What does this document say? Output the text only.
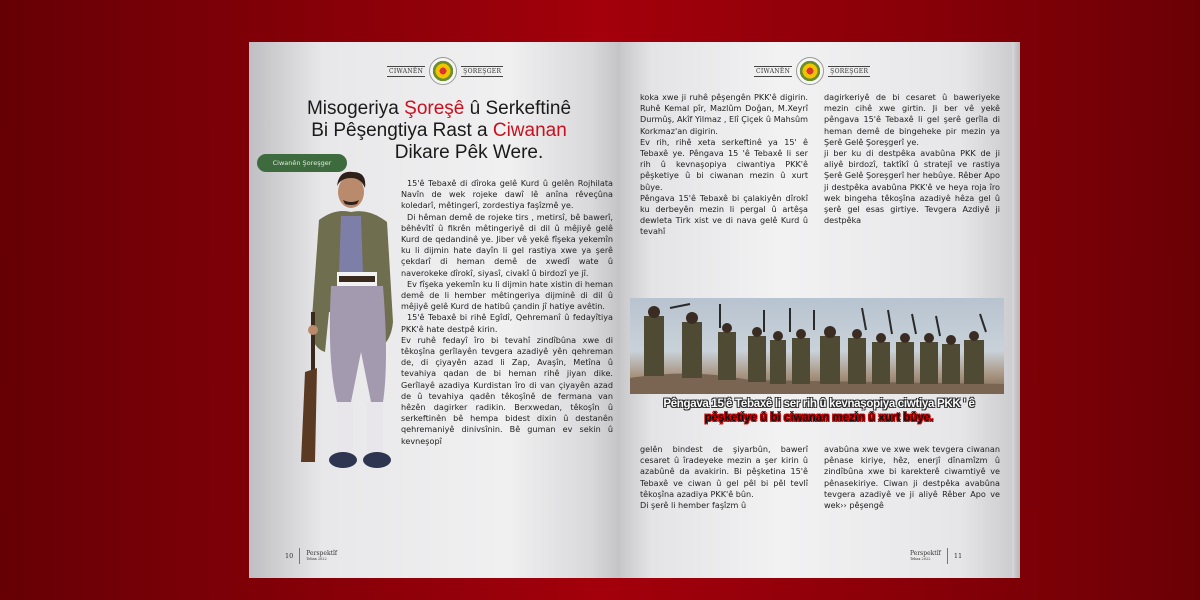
CIWANÊN	ŞOREŞGER
Misogeriya Şoreşê û Serkeftinê
Bi Pêşengtiya Rast a Ciwanan
Dikare Pêk Were.
Ciwanên Şoreşger

15'ê Tebaxê di dîroka gelê Kurd û gelên Rojhilata Navîn de wek rojeke dawî lê anîna rêveçûna koledarî, mêtingerî, zordestiya faşîzmê ye.

Di hêman demê de rojeke tirs , metirsî, bê bawerî, bêhêvîtî û fikrên mêtingeriyê di dil û mêjiyê gelê Kurd de qedandinê ye. Jiber vê yekê fîşeka yekemîn ku li dijmin hate dayîn li gel rastiya xwe ya şerê çekdarî di heman demê de xwedî wate û naverokeke dîrokî, siyasî, civakî û birdozî ye jî.

Ev fîşeka yekemîn ku li dijmin hate xistin di heman demê de li hember mêtingeriya dijminê di dil û mêjiyê gelê Kurd de hatibû çandin jî hatiye avêtin.

15'ê Tebaxê bi rihê Egîdî, Qehremanî û fedayîtiya PKK'ê hate destpê kirin.

Ev ruhê fedayî îro bi tevahî zindîbûna xwe di têkoşîna gerîlayên tevgera azadiyê yên qehreman de, di çiyayên azad li Zap, Avaşîn, Metîna û tevahiya qadan de bi heman rihê jiyan dike. Gerîlayê azadiya Kurdistan îro di van çiyayên azad de û tevahiya qadên têkoşînê de fermana van hêzên dagirker radikin. Berxwedan, têkoşîn û serkeftinên bê hempa bidest dixin û destanên qehremaniyê dinivsînin. Bê guman ev sekin û kevneşopî

10 Perspektîf
Tebax 2022
CIWANÊN	ŞOREŞGER

koka xwe ji ruhê pêşengên PKK'ê digirin. Ruhê Kemal pîr, Mazlûm Doğan, M.Xeyrî Durmûş, Akîf Yilmaz , Elî Çiçek û Mahsûm Korkmaz'an digirin.

Ev rih, rihê xeta serkeftinê ya 15' ê Tebaxê ye. Pêngava 15 'ê Tebaxê li ser rih û kevnaşopiya ciwantiya PKK'ê pêşketiye û bi ciwanan mezin û xurt bûye.

Pêngava 15'ê Tebaxê bi çalakiyên dîrokî ku derbeyên mezin li pergal û artêşa dewleta Tirk xist ve di nava gelê Kurd û tevahî

dagirkeriyê de bi cesaret û baweriyeke mezin cihê xwe girtin. Ji ber vê yekê pêngava 15'ê Tebaxê li gel şerê gerîla di heman demê de bingeheke pir mezin ya Şerê Gelê Şoreşgerî ye.

ji ber ku di destpêka avabûna PKK de ji aliyê birdozî, taktîkî û stratejî ve rastiya Şerê Gelê Şoreşgerî her hebûye. Rêber Apo ji destpêka avabûna PKK'ê ve heya roja îro wek bingeha têkoşîna azadiyê hêza gel û şerê gel esas girtiye. Tevgera Azdiyê ji destpêka

Pêngava 15'ê Tebaxê li ser rih û kevnaşopiya ciwtiya PKK ' ê
pêşketiye û bi ciwanan mezin û xurt bûye.

gelên bindest de şiyarbûn, bawerî cesaret û îradeyeke mezin a şer kirin û azabûnê da avakirin. Bi pêşketina 15'ê Tebaxê ve ciwan û gel pêl bi pêl tevlî têkoşîna azadiya PKK'ê bûn.

Di şerê li hember faşîzm û

avabûna xwe ve xwe wek tevgera ciwanan pênase kiriye, hêz, enerjî dînamîzm û zindîbûna xwe bi karekterê ciwamtiyê ve pênasekiriye. Ciwan ji destpêka avabûna tevgera azadiyê ve ji aliyê Rêber Apo ve wek›› pêşengê

Perspektîf
Tebax 2022	11
